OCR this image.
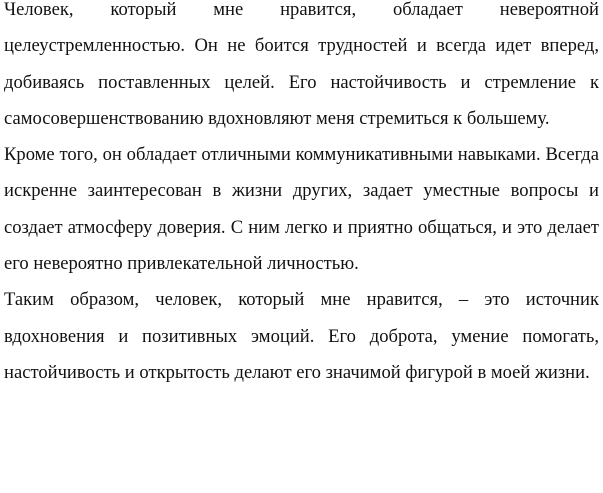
Человек, который мне нравится, обладает невероятной целеустремленностью. Он не боится трудностей и всегда идет вперед, добиваясь поставленных целей. Его настойчивость и стремление к самосовершенствованию вдохновляют меня стремиться к большему.

Кроме того, он обладает отличными коммуникативными навыками. Всегда искренне заинтересован в жизни других, задает уместные вопросы и создает атмосферу доверия. С ним легко и приятно общаться, и это делает его невероятно привлекательной личностью.

Таким образом, человек, который мне нравится, – это источник вдохновения и позитивных эмоций. Его доброта, умение помогать, настойчивость и открытость делают его значимой фигурой в моей жизни.
